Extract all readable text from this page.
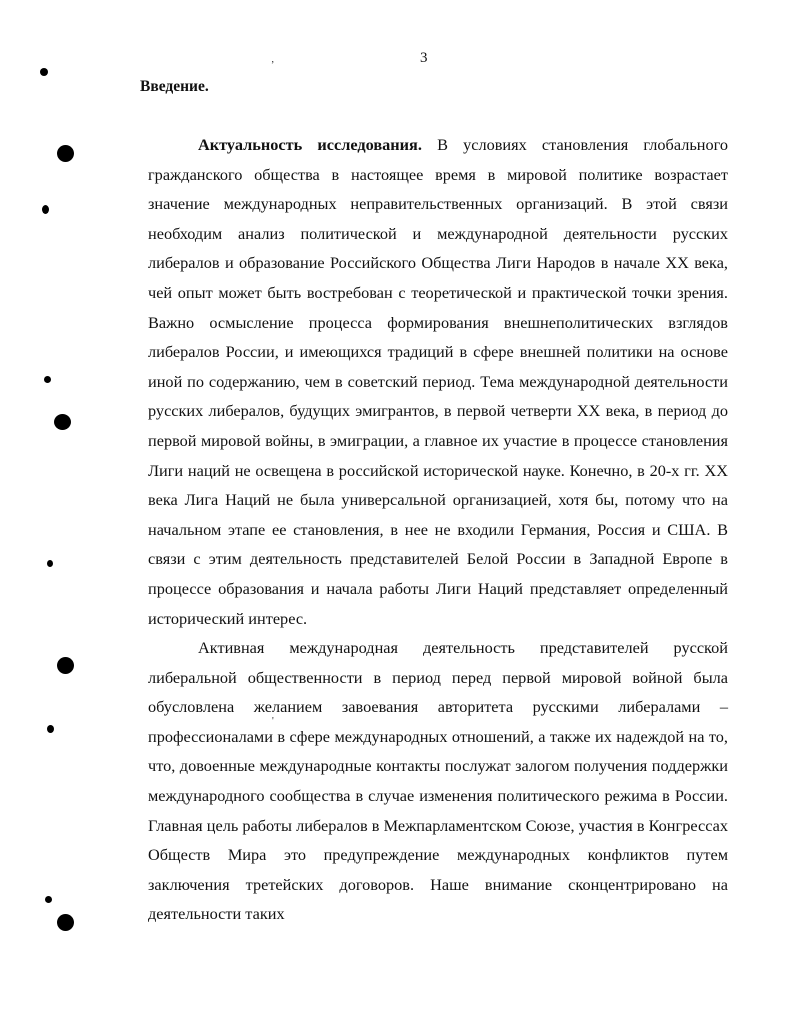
‚
'
3
Введение.

Актуальность исследования. В условиях становления глобального гражданского общества в настоящее время в мировой политике возрастает значение международных неправительственных организаций. В этой связи необходим анализ политической и международной деятельности русских либералов и образование Российского Общества Лиги Народов в начале XX века, чей опыт может быть востребован с теоретической и практической точки зрения. Важно осмысление процесса формирования внешнеполитических взглядов либералов России, и имеющихся традиций в сфере внешней политики на основе иной по содержанию, чем в советский период. Тема международной деятельности русских либералов, будущих эмигрантов, в первой четверти XX века, в период до первой мировой войны, в эмиграции, а главное их участие в процессе становления Лиги наций не освещена в российской исторической науке. Конечно, в 20-х гг. XX века Лига Наций не была универсальной организацией, хотя бы, потому что на начальном этапе ее становления, в нее не входили Германия, Россия и США. В связи с этим деятельность представителей Белой России в Западной Европе в процессе образования и начала работы Лиги Наций представляет определенный исторический интерес.

Активная международная деятельность представителей русской либеральной общественности в период перед первой мировой войной была обусловлена желанием завоевания авторитета русскими либералами – профессионалами в сфере международных отношений, а также их надеждой на то, что, довоенные международные контакты послужат залогом получения поддержки международного сообщества в случае изменения политического режима в России. Главная цель работы либералов в Межпарламентском Союзе, участия в Конгрессах Обществ Мира это предупреждение международных конфликтов путем заключения третейских договоров. Наше внимание сконцентрировано на деятельности таких
